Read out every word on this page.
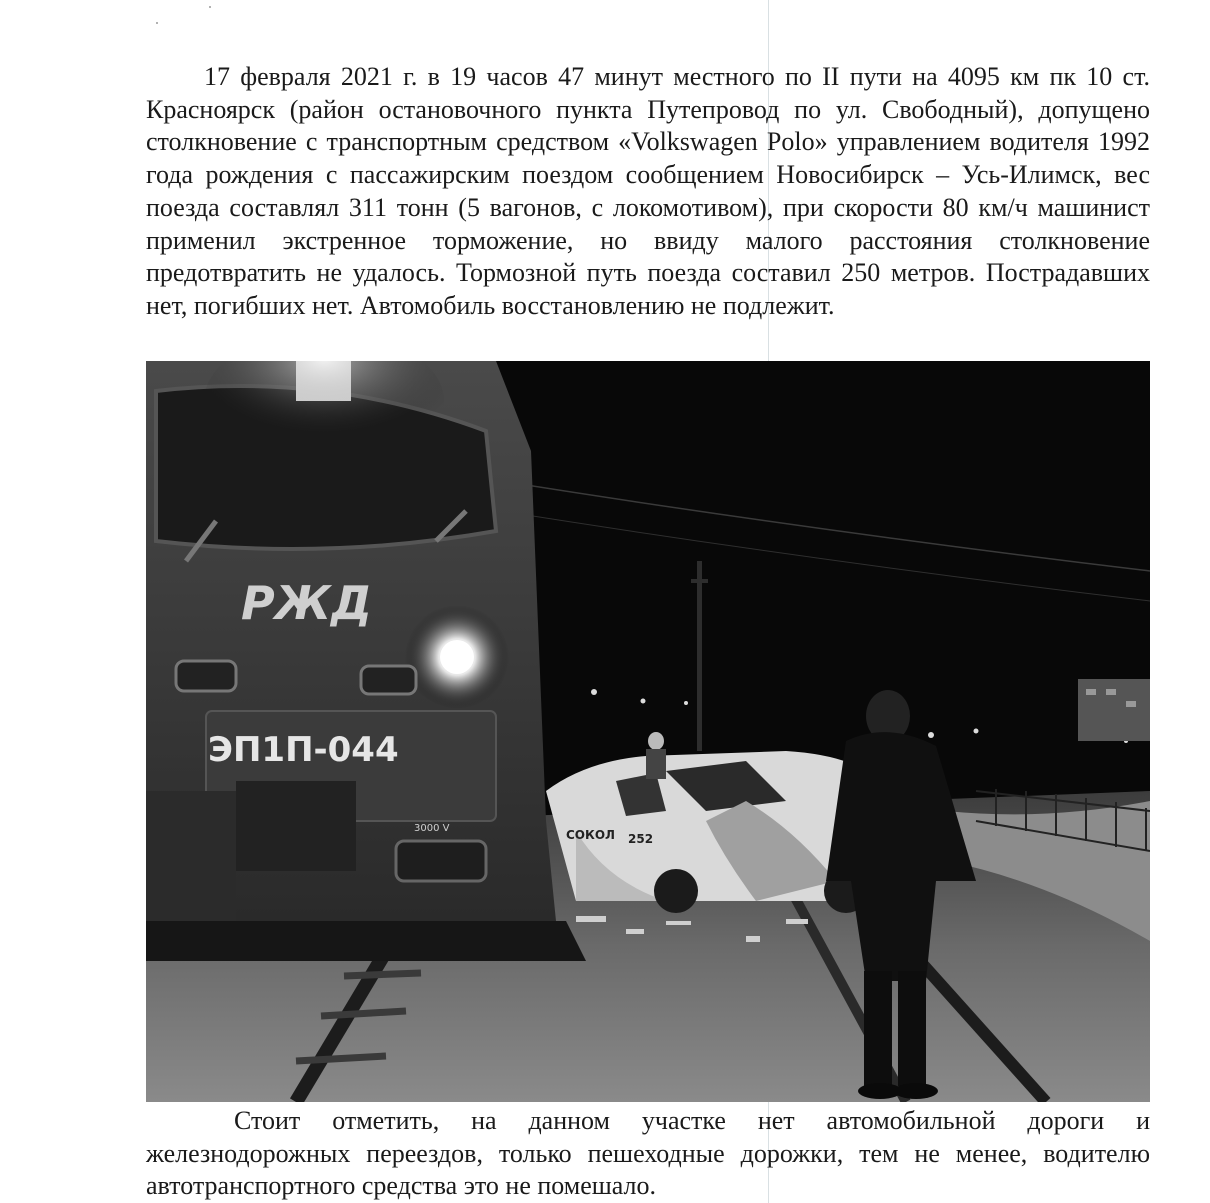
17 февраля 2021 г. в 19 часов 47 минут местного по II пути на 4095 км пк 10 ст. Красноярск (район остановочного пункта Путепровод по ул. Свободный), допущено столкновение с транспортным средством «Volkswagen Polo» управлением водителя 1992 года рождения с пассажирским поездом сообщением Новосибирск – Усь-Илимск, вес поезда составлял 311 тонн (5 вагонов, с локомотивом), при скорости 80 км/ч машинист применил экстренное торможение, но ввиду малого расстояния столкновение предотвратить не удалось. Тормозной путь поезда составил 250 метров. Пострадавших нет, погибших нет. Автомобиль восстановлению не подлежит.

РЖД
ЭП1П-044
3000 V	СОКОЛ 252

Стоит отметить, на данном участке нет автомобильной дороги и железнодорожных переездов, только пешеходные дорожки, тем не менее, водителю автотранспортного средства это не помешало.
